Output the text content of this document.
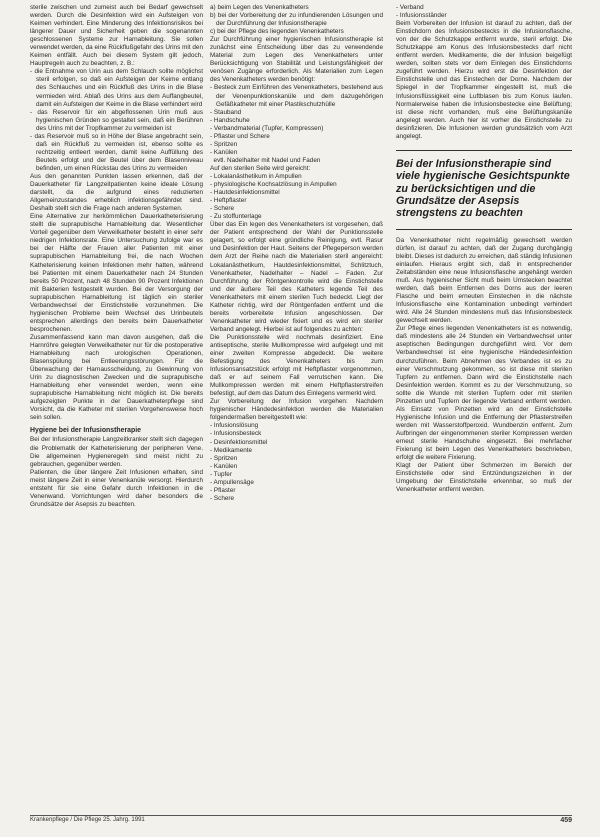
sterile zwischen und zumeist auch bei Bedarf gewechselt werden. Durch die Desinfektion wird ein Aufsteigen von Keimen verhindert. Eine Minderung des Infektionsrisikos bei längerer Dauer und Sicherheit geben die sogenannten geschlossenen Systeme zur Harnableitung. Sie sollen verwendet werden, da eine Rückflußgefahr des Urins mit den Keimen entfällt. Auch bei diesem System gilt jedoch, Hauptregeln auch zu beachten, z. B.:

- die Entnahme von Urin aus dem Schlauch sollte möglichst steril erfolgen, so daß ein Aufsteigen der Keime entlang des Schlauches und ein Rückfluß des Urins in die Blase vermieden wird. Ablaß des Urins aus dem Auffangbeutel, damit ein Aufsteigen der Keime in die Blase verhindert wird
- das Reservoir für ein abgeflossenen Urin muß aus hygienischen Gründen so gestaltet sein, daß ein Berühren des Urins mit der Tropfkammer zu vermeiden ist
- das Reservoir muß so in Höhe der Blase angebracht sein, daß ein Rückfluß zu vermeiden ist, ebenso sollte es rechtzeitig entleert werden, damit keine Auffüllung des Beutels erfolgt und der Beutel über dem Blasenniveau befinden, um einen Rückstau des Urins zu vermeiden

Aus den genannten Punkten lassen erkennen, daß der Dauerkatheter für Langzeitpatienten keine ideale Lösung darstellt, da die aufgrund eines reduzierten Allgemeinzustandes erheblich infektionsgefährdet sind. Deshalb stellt sich die Frage nach anderen Systemen.

Eine Alternative zur herkömmlichen Dauerkatheterisierung stellt die suprapubische Harnableitung dar. Wesentlicher Vorteil gegenüber dem Verweilkatheter besteht in einer sehr niedrigen Infektionsrate. Eine Untersuchung zufolge war es bei der Hälfte der Frauen aller Patienten mit einer suprapubischen Harnableitung frei, die nach Wochen Katheterisierung keinen Infektionen mehr hatten, während bei Patienten mit einem Dauerkatheter nach 24 Stunden bereits 50 Prozent, nach 48 Stunden 90 Prozent Infektionen mit Bakterien festgestellt wurden. Bei der Versorgung der suprapubischen Harnableitung ist täglich ein steriler Verbandwechsel der Einstichstelle vorzunehmen. Die hygienischen Probleme beim Wechsel des Urinbeutels entsprechen allerdings den bereits beim Dauerkatheter besprochenen.

Zusammenfassend kann man davon ausgehen, daß die Harnröhre gelegten Verweilkatheter nur für die postoperative Harnableitung nach urologischen Operationen, Blasenspülung bei Entleerungsstörungen. Für die Überwachung der Harnausscheidung, zu Gewinnung von Urin zu diagnostischen Zwecken und die suprapubische Harnableitung eher verwendet werden, wenn eine suprapubische Harnableitung nicht möglich ist. Die bereits aufgezeigten Punkte in der Dauerkatheterpflege sind Vorsicht, da die Katheter mit sterilen Vorgehensweise hoch sein sollen.

Hygiene bei der Infusionstherapie

Bei der Infusionstherapie Langzeitkranker stellt sich dagegen die Problematik der Katheterisierung der peripheren Vene. Die allgemeinen Hygieneregeln sind meist nicht zu gebrauchen, gegenüber werden.

Patienten, die über längere Zeit Infusionen erhalten, sind meist längere Zeit in einer Venenkanüle versorgt. Hierdurch entsteht für sie eine Gefahr durch Infektionen in die Venenwand. Vorrichtungen wird daher besonders die Grundsätze der Asepsis zu beachten.

a) beim Legen des Venenkatheters
b) bei der Vorbereitung der zu infundierenden Lösungen und der Durchführung der Infusionstherapie
c) bei der Pflege des liegenden Venenkatheters

Zur Durchführung einer hygienischen Infusionstherapie ist zunächst eine Entscheidung über das zu verwendende Material zum Legen des Venenkatheters unter Berücksichtigung von Stabilität und Leistungsfähigkeit der venösen Zugänge erforderlich. Als Materialien zum Legen des Venenkatheters werden benötigt:

- Besteck zum Einführen des Venenkatheters, bestehend aus der Venenpunktionskanüle und dem dazugehörigen Gefäßkatheter mit einer Plastikschutzhülle
- Stauband
- Handschuhe
- Verbandmaterial (Tupfer, Kompressen)
- Pflaster und Schere
- Spritzen
- Kanülen
evtl. Nadelhalter mit Nadel und Faden

Auf den sterilen Seite wird gereicht:

- Lokalanästhetikum in Ampullen
- physiologische Kochsalzlösung in Ampullen
- Hautdesinfektionsmittel
- Heftpflaster
- Schere
- Zu stoffunterlage

Über das Ein legen des Venenkatheters ist vorgesehen, daß der Patient entsprechend der Wahl der Punktionsstelle gelagert, so erfolgt eine gründliche Reinigung, evtl. Rasur und Desinfektion der Haut. Seitens der Pflegeperson werden dem Arzt der Reihe nach die Materialien steril angereicht: Lokalanästhetikum, Hautdesinfektionsmittel, Schlitztuch, Venenkatheter, Nadelhalter – Nadel – Faden. Zur Durchführung der Röntgenkontrolle wird die Einstichstelle und der äußere Teil des Katheters legende Teil des Venenkatheters mit einem sterilen Tuch bedeckt. Liegt der Katheter richtig, wird der Röntgenfaden entfernt und die bereits vorbereitete Infusion angeschlossen. Der Venenkatheter wird wieder fixiert und es wird ein steriler Verband angelegt. Hierbei ist auf folgendes zu achten:

Die Punktionsstelle wird nochmals desinfiziert. Eine antiseptische, sterile Mullkompresse wird aufgelegt und mit einer zweiten Kompresse abgedeckt. Die weitere Befestigung des Venenkatheters bis zum Infusionsansatzstück erfolgt mit Heftpflaster vorgenommen, daß er auf seinem Fall verrutschen kann. Die Mullkompressen werden mit einem Heftpflasterstreifen befestigt, auf dem das Datum des Einlegens vermerkt wird.

Zur Vorbereitung der Infusion vorgehen: Nachdem hygienischer Händedesinfektion werden die Materialien folgendermaßen bereitgestellt wie:

- Infusionslösung
- Infusionsbesteck
- Desinfektionsmittel
- Medikamente
- Spritzen
- Kanülen
- Tupfer
- Ampullensäge
- Pflaster
- Schere
- Verband
- Infusionsständer

Beim Vorbereiten der Infusion ist darauf zu achten, daß der Einstichdorn des Infusionsbestecks in die Infusionsflasche, von der die Schutzkappe entfernt wurde, steril erfolgt. Die Schutzkappe am Konus des Infusionsbestecks darf nicht entfernt werden. Medikamente, die der Infusion beigefügt werden, sollten stets vor dem Einlegen des Einstichdorns zugeführt werden. Hierzu wird erst die Desinfektion der Einstichstelle und das Einstechen der Dorne. Nachdem der Spiegel in der Tropfkammer eingestellt ist, muß die Infusionsflüssigkeit eine Luftblasen bis zum Konus laufen. Normalerweise haben die Infusionsbestecke eine Belüftung; ist diese nicht vorhanden, muß eine Belüftungskanüle angelegt werden. Auch hier ist vorher die Einstichstelle zu desinfizieren. Die Infusionen werden grundsätzlich vom Arzt angelegt.

Bei der Infusionstherapie sind viele hygienische Gesichtspunkte zu berücksichtigen und die Grundsätze der Asepsis strengstens zu beachten

Da Venenkatheter nicht regelmäßig gewechselt werden dürfen, ist darauf zu achten, daß der Zugang durchgängig bleibt. Dieses ist dadurch zu erreichen, daß ständig Infusionen einlaufen. Hieraus ergibt sich, daß in entsprechender Zeitabständen eine neue Infusionsflasche angehängt werden muß. Aus hygienischer Sicht muß beim Umstecken beachtet werden, daß beim Entfernen des Dorns aus der leeren Flasche und beim erneuten Einstechen in die nächste Infusionsflasche eine Kontamination unbedingt verhindert wird. Alle 24 Stunden mindestens muß das Infusionsbesteck gewechselt werden.

Zur Pflege eines liegenden Venenkatheters ist es notwendig, daß mindestens alle 24 Stunden ein Verbandwechsel unter aseptischen Bedingungen durchgeführt wird. Vor dem Verbandwechsel ist eine hygienische Händedesinfektion durchzuführen. Beim Abnehmen des Verbandes ist es zu einer Verschmutzung gekommen, so ist diese mit sterilen Tupfern zu entfernen. Dann wird die Einstichstelle nach Desinfektion werden. Kommt es zu der Verschmutzung, so sollte die Wunde mit sterilen Tupfern oder mit sterilen Pinzetten und Tupfern der liegende Verband entfernt werden. Als Einsatz von Pinzetten wird an der Einstichstelle Hygienische Infusion und die Entfernung der Pflasterstreifen werden mit Wasserstoffperoxid. Wundbenzin entfernt. Zum Aufbringen der eingenommenen steriler Kompressen werden erneut sterile Handschuhe eingesetzt. Bei mehrfacher Fixierung ist beim Legen des Venenkatheters beschrieben, erfolgt die weitere Fixierung.

Klagt der Patient über Schmerzen im Bereich der Einstichstelle oder sind Entzündungszeichen in der Umgebung der Einstichstelle erkennbar, so muß der Venenkatheter entfernt werden.

Krankenpflege / Die Pflege 25. Jahrg. 1991	459
